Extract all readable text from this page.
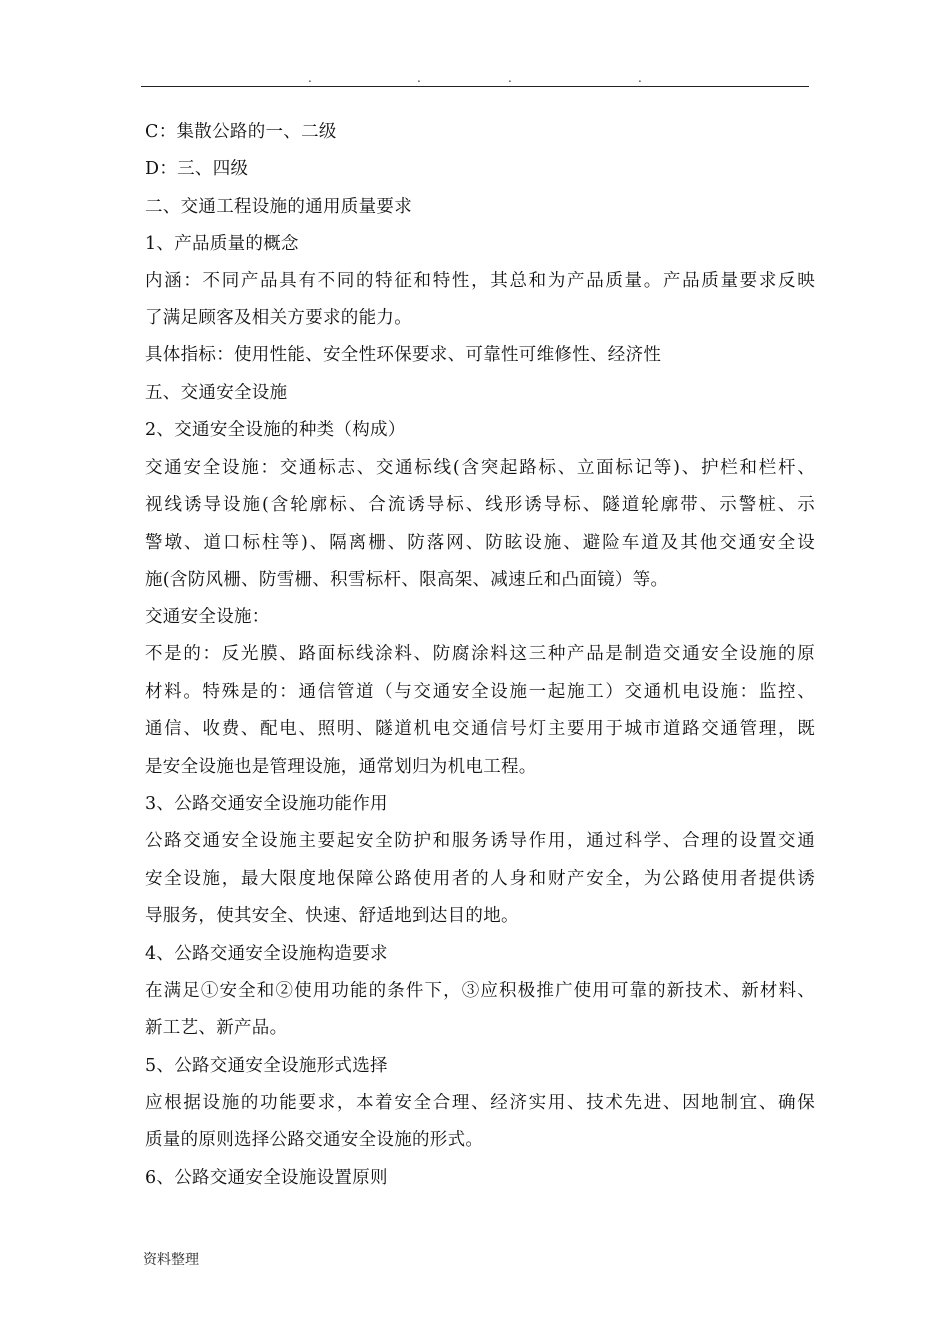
.	.	.	.
C：集散公路的一、二级
D：三、四级
二、交通工程设施的通用质量要求
1、产品质量的概念
内涵：不同产品具有不同的特征和特性，其总和为产品质量。产品质量要求反映
了满足顾客及相关方要求的能力。
具体指标：使用性能、安全性环保要求、可靠性可维修性、经济性
五、交通安全设施
2、交通安全设施的种类（构成）
交通安全设施：交通标志、交通标线(含突起路标、立面标记等)、护栏和栏杆、
视线诱导设施(含轮廓标、合流诱导标、线形诱导标、隧道轮廓带、示警桩、示
警墩、道口标柱等)、隔离栅、防落网、防眩设施、避险车道及其他交通安全设
施(含防风栅、防雪栅、积雪标杆、限高架、减速丘和凸面镜）等。
交通安全设施：
不是的：反光膜、路面标线涂料、防腐涂料这三种产品是制造交通安全设施的原
材料。特殊是的：通信管道（与交通安全设施一起施工）交通机电设施：监控、
通信、收费、配电、照明、隧道机电交通信号灯主要用于城市道路交通管理，既
是安全设施也是管理设施，通常划归为机电工程。
3、公路交通安全设施功能作用
公路交通安全设施主要起安全防护和服务诱导作用，通过科学、合理的设置交通
安全设施，最大限度地保障公路使用者的人身和财产安全，为公路使用者提供诱
导服务，使其安全、快速、舒适地到达目的地。
4、公路交通安全设施构造要求
在满足①安全和②使用功能的条件下，③应积极推广使用可靠的新技术、新材料、
新工艺、新产品。
5、公路交通安全设施形式选择
应根据设施的功能要求，本着安全合理、经济实用、技术先进、因地制宜、确保
质量的原则选择公路交通安全设施的形式。
6、公路交通安全设施设置原则
资料整理
